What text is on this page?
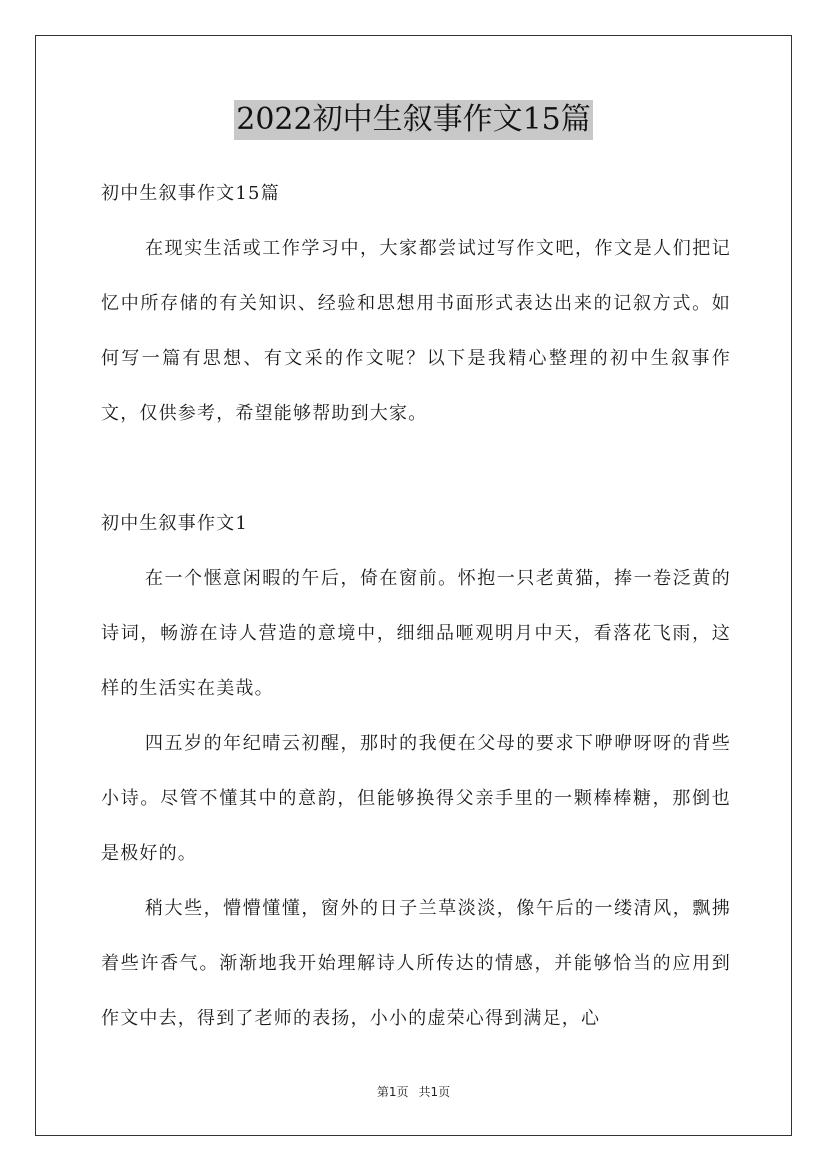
2022初中生叙事作文15篇

初中生叙事作文15篇

在现实生活或工作学习中，大家都尝试过写作文吧，作文是人们把记忆中所存储的有关知识、经验和思想用书面形式表达出来的记叙方式。如何写一篇有思想、有文采的作文呢？以下是我精心整理的初中生叙事作文，仅供参考，希望能够帮助到大家。

初中生叙事作文1

在一个惬意闲暇的午后，倚在窗前。怀抱一只老黄猫，捧一卷泛黄的诗词，畅游在诗人营造的意境中，细细品咂观明月中天，看落花飞雨，这样的生活实在美哉。

四五岁的年纪晴云初醒，那时的我便在父母的要求下咿咿呀呀的背些小诗。尽管不懂其中的意韵，但能够换得父亲手里的一颗棒棒糖，那倒也是极好的。

稍大些，懵懵懂懂，窗外的日子兰草淡淡，像午后的一缕清风，飘拂着些许香气。渐渐地我开始理解诗人所传达的情感，并能够恰当的应用到作文中去，得到了老师的表扬，小小的虚荣心得到满足，心

第1页 共1页
